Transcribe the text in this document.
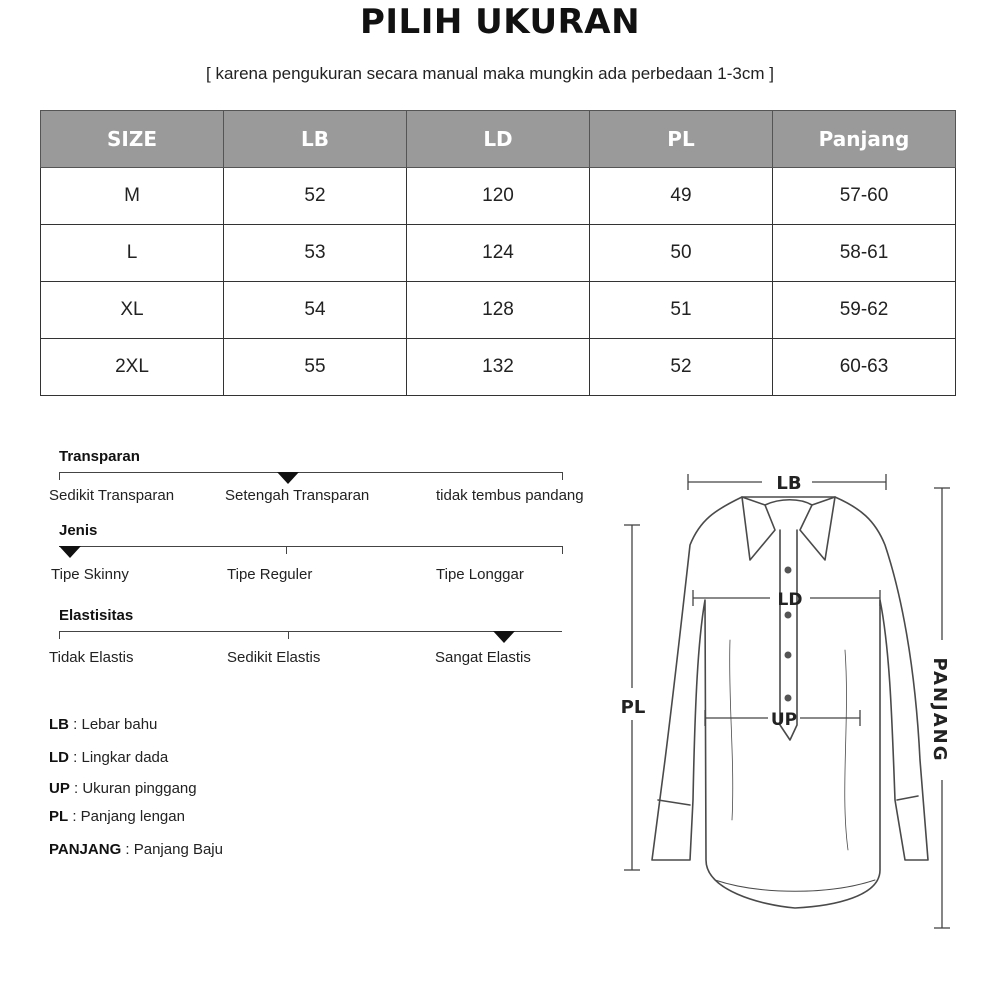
PILIH UKURAN
[ karena pengukuran secara manual maka mungkin ada perbedaan 1-3cm ]
SIZE	LB	LD	PL	Panjang
M	52	120	49	57-60
L	53	124	50	58-61
XL	54	128	51	59-62
2XL	55	132	52	60-63
Transparan
Sedikit Transparan	Setengah Transparan	tidak tembus pandang
Jenis
Tipe Skinny	Tipe Reguler	Tipe Longgar
Elastisitas
Tidak Elastis	Sedikit Elastis	Sangat Elastis
LB : Lebar bahu
LD : Lingkar dada
UP : Ukuran pinggang
PL : Panjang lengan
PANJANG : Panjang Baju
LB
LD
UP
PL	PANJANG
